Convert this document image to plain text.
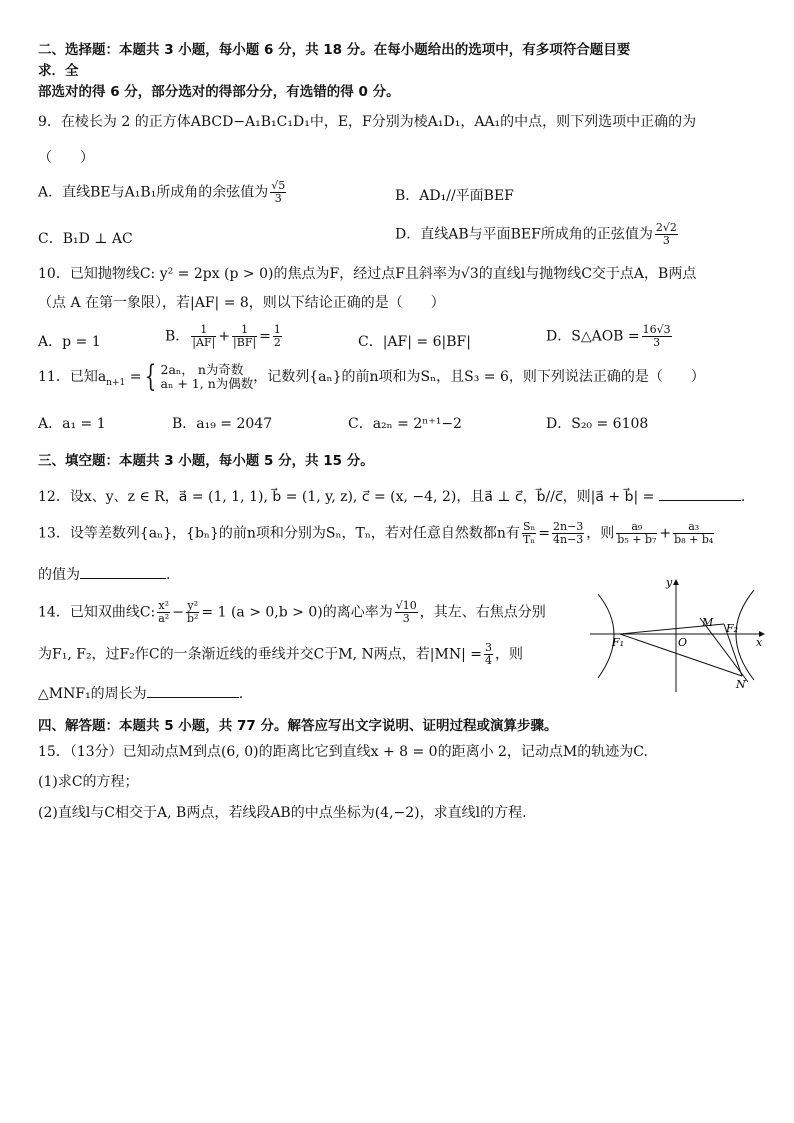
二、选择题：本题共 3 小题，每小题 6 分，共 18 分。在每小题给出的选项中，有多项符合题目要
求．全
部选对的得 6 分，部分选对的得部分分，有选错的得 0 分。
9．在棱长为 2 的正方体ABCD−A₁B₁C₁D₁中，E，F分别为棱A₁D₁，AA₁的中点，则下列选项中正确的为
（　　）
A．直线BE与A₁B₁所成角的余弦值为 $\frac{√5}{3}$	B．AD₁//平面BEF
C．B₁D ⊥ AC	D．直线AB与平面BEF所成角的正弦值为 $\frac{2√2}{3}$
10．已知抛物线C: y² = 2px (p > 0)的焦点为F，经过点F且斜率为√3的直线l与抛物线C交于点A，B两点
（点 A 在第一象限），若|AF| = 8，则以下结论正确的是（　　）
A．p = 1	B． $\frac{1}{|AF|} + \frac{1}{|BF|} = \frac{1}{2}$	C．|AF| = 6|BF|	D．S△AOB = $\frac{16√3}{3}$
11．已知$a_{n+1}$ = { 2aₙ， n为奇数
aₙ + 1, n为偶数 ，记数列{aₙ}的前n项和为Sₙ，且S₃ = 6，则下列说法正确的是（　　）
A．a₁ = 1	B．a₁₉ = 2047	C．a₂ₙ = 2ⁿ⁺¹−2	D．S₂₀ = 6108
三、填空题：本题共 3 小题，每小题 5 分，共 15 分。
12．设x、y、z ∈ R，a⃗ = (1, 1, 1), b⃗ = (1, y, z), c⃗ = (x, −4, 2)，且a⃗ ⊥ c⃗，b⃗//c⃗，则|a⃗ + b⃗| =	.
13．设等差数列{aₙ}，{bₙ}的前n项和分别为Sₙ，Tₙ，若对任意自然数都n有 $\frac{\text{Sₙ}}{\text{Tₙ}} = \frac{2n-3}{4n-3}$ ，则 $\frac{\text{a₉}}{\text{b₅ + b₇}} + \frac{\text{a₃}}{\text{b₈ + b₄}}$
的值为	.
14．已知双曲线C: $\frac{\text{x²}}{\text{a²}} - \frac{\text{y²}}{\text{b²}} = 1$ (a > 0,b > 0)的离心率为 $\frac{√10}{3}$ ，其左、右焦点分别
为F₁, F₂，过F₂作C的一条渐近线的垂线并交C于M, N两点，若$|MN| = \frac{3}{4}$ ，则
△MNF₁的周长为	.
y
x
M F₂
F₁	O
N
四、解答题：本题共 5 小题，共 77 分。解答应写出文字说明、证明过程或演算步骤。
15．（13分）已知动点M到点(6, 0)的距离比它到直线x + 8 = 0的距离小 2，记动点M的轨迹为C.
(1)求C的方程；
(2)直线l与C相交于A, B两点，若线段AB的中点坐标为(4,−2)，求直线l的方程.
